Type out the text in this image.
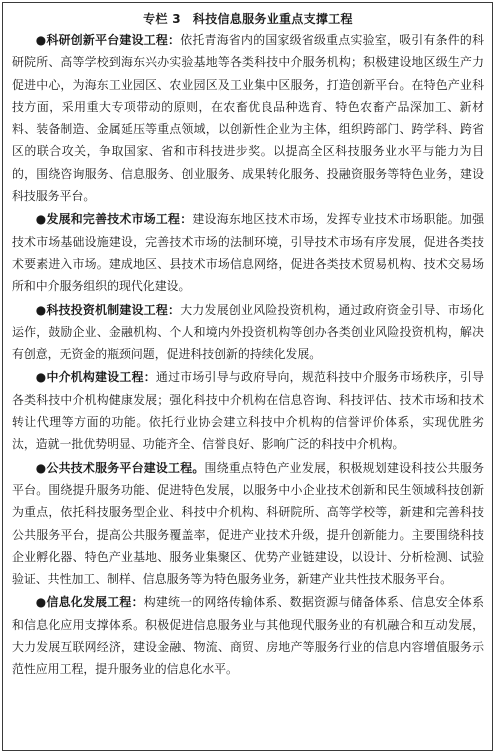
专栏 3 科技信息服务业重点支撑工程

●科研创新平台建设工程：依托青海省内的国家级省级重点实验室，吸引有条件的科研院所、高等学校到海东兴办实验基地等各类科技中介服务机构；积极建设地区级生产力促进中心，为海东工业园区、农业园区及工业集中区服务，打造创新平台。在特色产业科技方面，采用重大专项带动的原则，在农畜优良品种选育、特色农畜产品深加工、新材料、装备制造、金属延压等重点领域，以创新性企业为主体，组织跨部门、跨学科、跨省区的联合攻关，争取国家、省和市科技进步奖。以提高全区科技服务业水平与能力为目的，围绕咨询服务、信息服务、创业服务、成果转化服务、投融资服务等特色业务，建设科技服务平台。

●发展和完善技术市场工程：建设海东地区技术市场，发挥专业技术市场职能。加强技术市场基础设施建设，完善技术市场的法制环境，引导技术市场有序发展，促进各类技术要素进入市场。建成地区、县技术市场信息网络，促进各类技术贸易机构、技术交易场所和中介服务组织的现代化建设。

●科技投资机制建设工程：大力发展创业风险投资机构，通过政府资金引导、市场化运作，鼓励企业、金融机构、个人和境内外投资机构等创办各类创业风险投资机构，解决有创意，无资金的瓶颈问题，促进科技创新的持续化发展。

●中介机构建设工程：通过市场引导与政府导向，规范科技中介服务市场秩序，引导各类科技中介机构健康发展；强化科技中介机构在信息咨询、科技评估、技术市场和技术转让代理等方面的功能。依托行业协会建立科技中介机构的信誉评价体系，实现优胜劣汰，造就一批优势明显、功能齐全、信誉良好、影响广泛的科技中介机构。

●公共技术服务平台建设工程。围绕重点特色产业发展，积极规划建设科技公共服务平台。围绕提升服务功能、促进特色发展，以服务中小企业技术创新和民生领域科技创新为重点，依托科技服务型企业、科技中介机构、科研院所、高等学校等，新建和完善科技公共服务平台，提高公共服务覆盖率，促进产业技术升级，提升创新能力。主要围绕科技企业孵化器、特色产业基地、服务业集聚区、优势产业链建设，以设计、分析检测、试验验证、共性加工、制样、信息服务等为特色服务业务，新建产业共性技术服务平台。

●信息化发展工程：构建统一的网络传输体系、数据资源与储备体系、信息安全体系和信息化应用支撑体系。积极促进信息服务业与其他现代服务业的有机融合和互动发展，大力发展互联网经济，建设金融、物流、商贸、房地产等服务行业的信息内容增值服务示范性应用工程，提升服务业的信息化水平。
